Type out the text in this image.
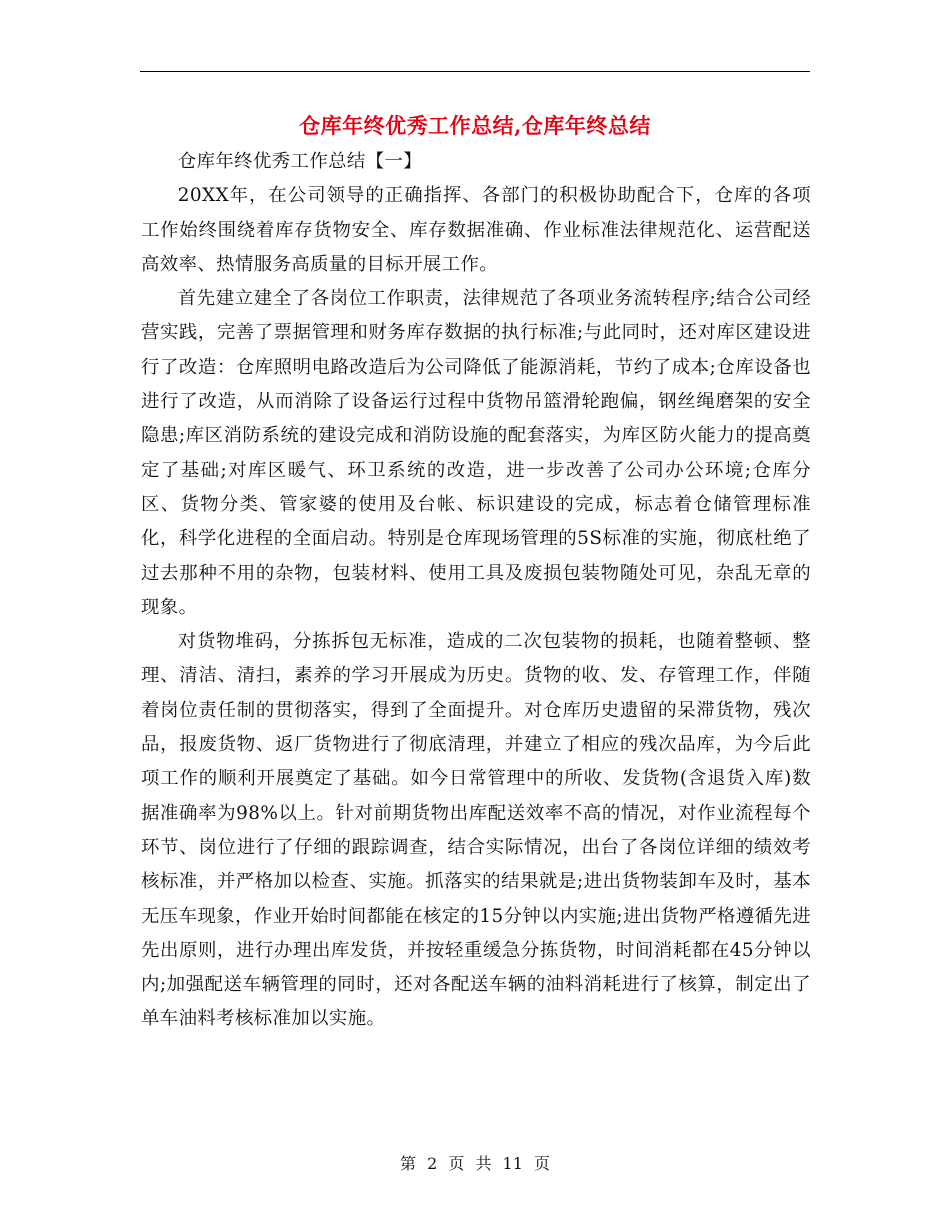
仓库年终优秀工作总结,仓库年终总结

仓库年终优秀工作总结【一】

20XX年，在公司领导的正确指挥、各部门的积极协助配合下，仓库的各项工作始终围绕着库存货物安全、库存数据准确、作业标准法律规范化、运营配送高效率、热情服务高质量的目标开展工作。

首先建立建全了各岗位工作职责，法律规范了各项业务流转程序;结合公司经营实践，完善了票据管理和财务库存数据的执行标准;与此同时，还对库区建设进行了改造：仓库照明电路改造后为公司降低了能源消耗，节约了成本;仓库设备也进行了改造，从而消除了设备运行过程中货物吊篮滑轮跑偏，钢丝绳磨架的安全隐患;库区消防系统的建设完成和消防设施的配套落实，为库区防火能力的提高奠定了基础;对库区暖气、环卫系统的改造，进一步改善了公司办公环境;仓库分区、货物分类、管家婆的使用及台帐、标识建设的完成，标志着仓储管理标准化，科学化进程的全面启动。特别是仓库现场管理的5S标准的实施，彻底杜绝了过去那种不用的杂物，包装材料、使用工具及废损包装物随处可见，杂乱无章的现象。

对货物堆码，分拣拆包无标准，造成的二次包装物的损耗，也随着整顿、整理、清洁、清扫，素养的学习开展成为历史。货物的收、发、存管理工作，伴随着岗位责任制的贯彻落实，得到了全面提升。对仓库历史遗留的呆滞货物，残次品，报废货物、返厂货物进行了彻底清理，并建立了相应的残次品库，为今后此项工作的顺利开展奠定了基础。如今日常管理中的所收、发货物(含退货入库)数据准确率为98%以上。针对前期货物出库配送效率不高的情况，对作业流程每个环节、岗位进行了仔细的跟踪调查，结合实际情况，出台了各岗位详细的绩效考核标准，并严格加以检查、实施。抓落实的结果就是;进出货物装卸车及时，基本无压车现象，作业开始时间都能在核定的15分钟以内实施;进出货物严格遵循先进先出原则，进行办理出库发货，并按轻重缓急分拣货物，时间消耗都在45分钟以内;加强配送车辆管理的同时，还对各配送车辆的油料消耗进行了核算，制定出了单车油料考核标准加以实施。

第 2 页 共 11 页
